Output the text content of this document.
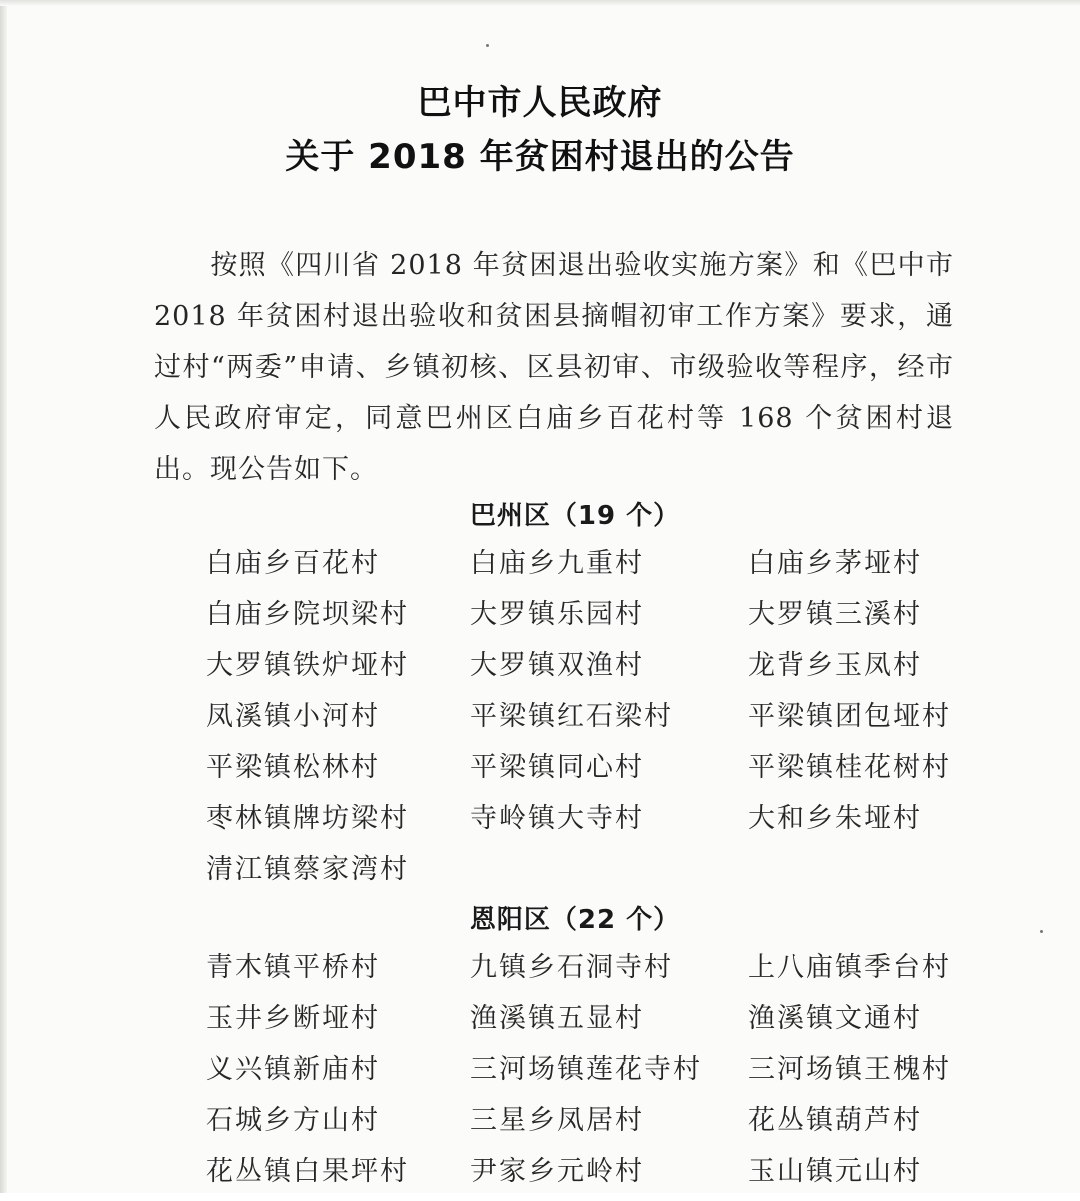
巴中市人民政府
关于 2018 年贫困村退出的公告

按照《四川省 2018 年贫困退出验收实施方案》和《巴中市 2018 年贫困村退出验收和贫困县摘帽初审工作方案》要求，通过村“两委”申请、乡镇初核、区县初审、市级验收等程序，经市人民政府审定，同意巴州区白庙乡百花村等 168 个贫困村退出。现公告如下。

巴州区（19 个）
白庙乡百花村	白庙乡九重村	白庙乡茅垭村
白庙乡院坝梁村	大罗镇乐园村	大罗镇三溪村
大罗镇铁炉垭村	大罗镇双渔村	龙背乡玉凤村
凤溪镇小河村	平梁镇红石梁村	平梁镇团包垭村
平梁镇松林村	平梁镇同心村	平梁镇桂花树村
枣林镇牌坊梁村	寺岭镇大寺村	大和乡朱垭村
清江镇蔡家湾村
恩阳区（22 个）
青木镇平桥村	九镇乡石洞寺村	上八庙镇季台村
玉井乡断垭村	渔溪镇五显村	渔溪镇文通村
义兴镇新庙村	三河场镇莲花寺村	三河场镇王槐村
石城乡方山村	三星乡凤居村	花丛镇葫芦村
花丛镇白果坪村	尹家乡元岭村	玉山镇元山村
